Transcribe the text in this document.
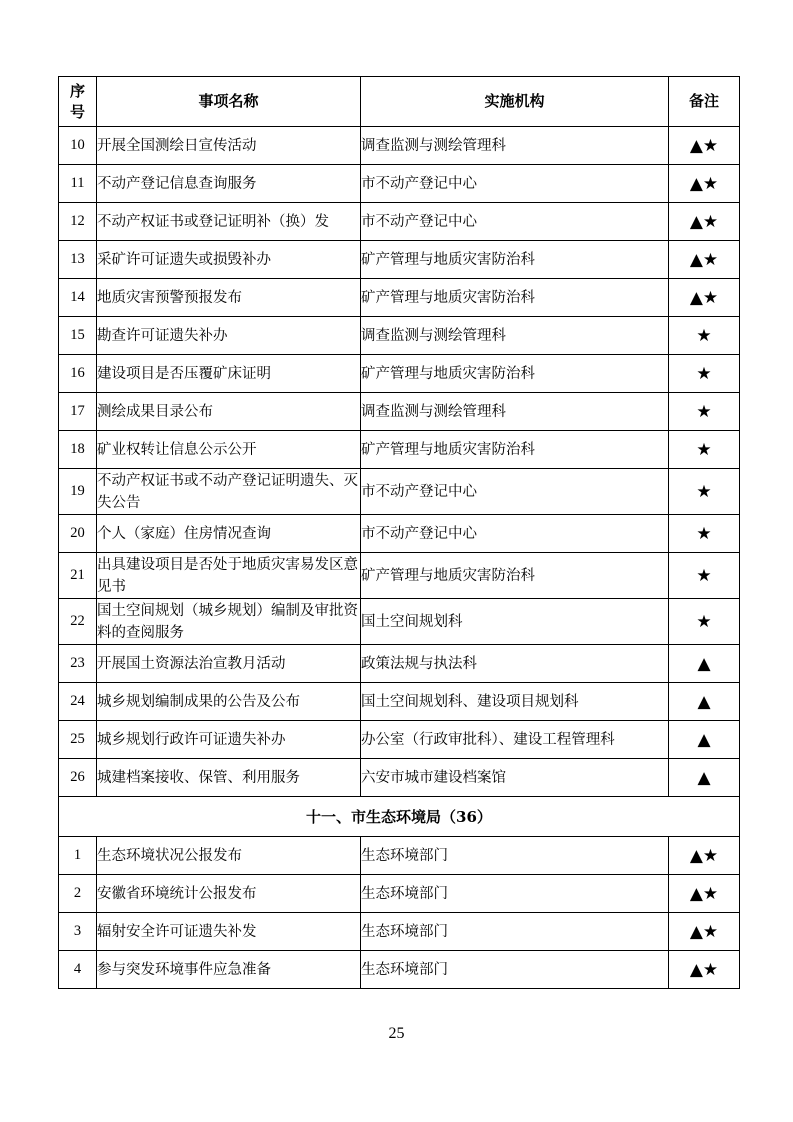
序号	事项名称	实施机构	备注
10	开展全国测绘日宣传活动	调查监测与测绘管理科	▲★
11	不动产登记信息查询服务	市不动产登记中心	▲★
12	不动产权证书或登记证明补（换）发	市不动产登记中心	▲★
13	采矿许可证遗失或损毁补办	矿产管理与地质灾害防治科	▲★
14	地质灾害预警预报发布	矿产管理与地质灾害防治科	▲★
15	勘查许可证遗失补办	调查监测与测绘管理科	★
16	建设项目是否压覆矿床证明	矿产管理与地质灾害防治科	★
17	测绘成果目录公布	调查监测与测绘管理科	★
18	矿业权转让信息公示公开	矿产管理与地质灾害防治科	★
19	不动产权证书或不动产登记证明遗失、灭失公告	市不动产登记中心	★
20	个人（家庭）住房情况查询	市不动产登记中心	★
21	出具建设项目是否处于地质灾害易发区意见书	矿产管理与地质灾害防治科	★
22	国土空间规划（城乡规划）编制及审批资料的查阅服务	国土空间规划科	★
23	开展国土资源法治宣教月活动	政策法规与执法科	▲
24	城乡规划编制成果的公告及公布	国土空间规划科、建设项目规划科	▲
25	城乡规划行政许可证遗失补办	办公室（行政审批科）、建设工程管理科	▲
26	城建档案接收、保管、利用服务	六安市城市建设档案馆	▲
十一、市生态环境局（36）			
1	生态环境状况公报发布	生态环境部门	▲★
2	安徽省环境统计公报发布	生态环境部门	▲★
3	辐射安全许可证遗失补发	生态环境部门	▲★
4	参与突发环境事件应急准备	生态环境部门	▲★
25
